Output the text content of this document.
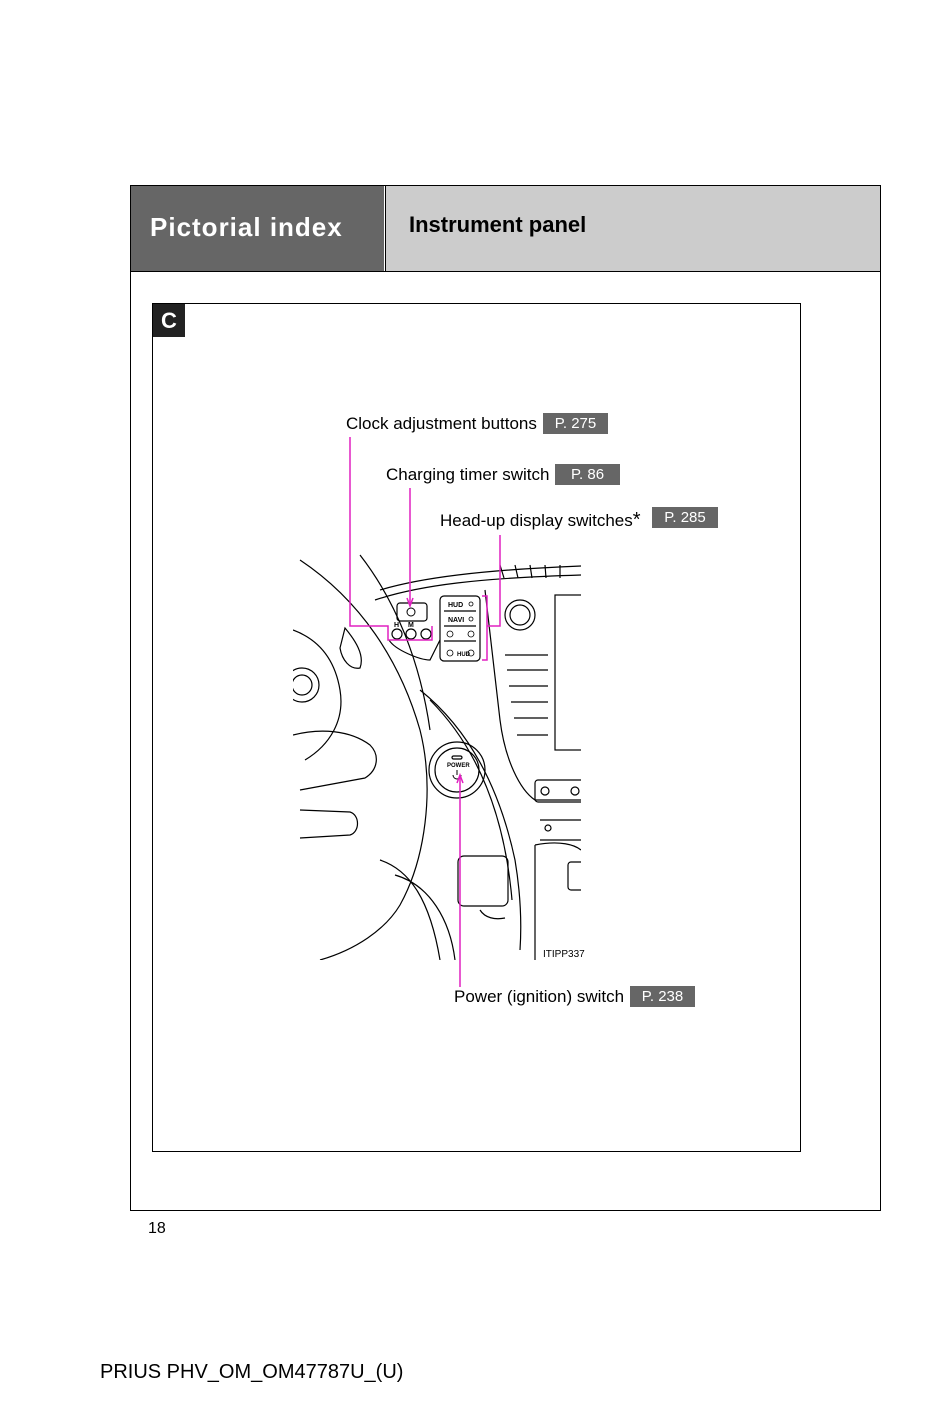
Pictorial index	Instrument panel
C
HUD
NAVI
HUD
H M
POWER
Clock adjustment buttons	P. 275
Charging timer switch	P. 86
Head-up display switches*	P. 285
Power (ignition) switch	P. 238
ITIPP337
18
PRIUS PHV_OM_OM47787U_(U)
